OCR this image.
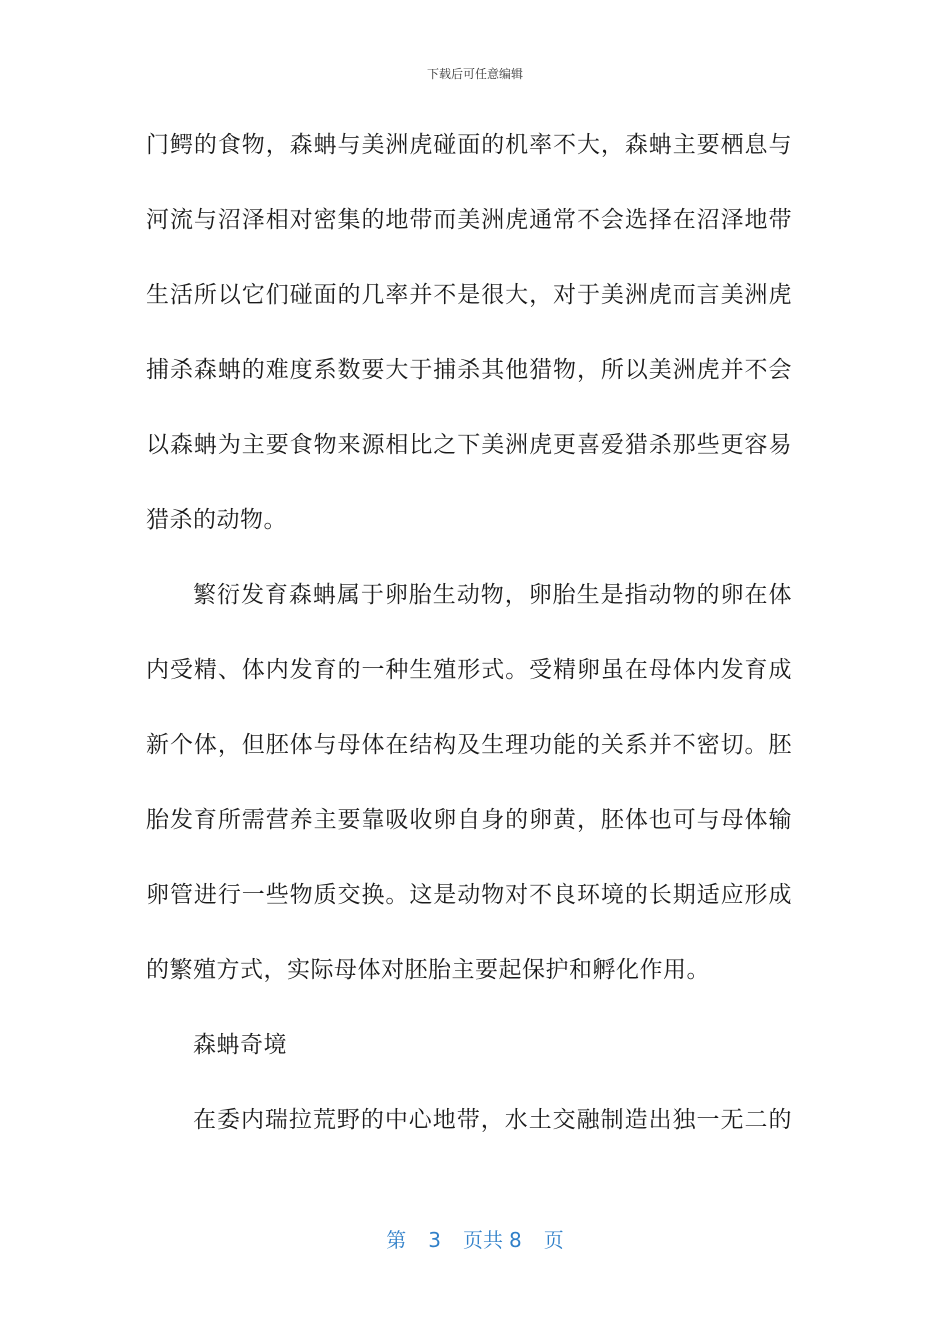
下载后可任意编辑
门鳄的食物，森蚺与美洲虎碰面的机率不大，森蚺主要栖息与
河流与沼泽相对密集的地带而美洲虎通常不会选择在沼泽地带
生活所以它们碰面的几率并不是很大，对于美洲虎而言美洲虎
捕杀森蚺的难度系数要大于捕杀其他猎物，所以美洲虎并不会
以森蚺为主要食物来源相比之下美洲虎更喜爱猎杀那些更容易
猎杀的动物。
繁衍发育森蚺属于卵胎生动物，卵胎生是指动物的卵在体
内受精、体内发育的一种生殖形式。受精卵虽在母体内发育成
新个体，但胚体与母体在结构及生理功能的关系并不密切。胚
胎发育所需营养主要靠吸收卵自身的卵黄，胚体也可与母体输
卵管进行一些物质交换。这是动物对不良环境的长期适应形成
的繁殖方式，实际母体对胚胎主要起保护和孵化作用。
森蚺奇境
在委内瑞拉荒野的中心地带，水土交融制造出独一无二的
第 3 页共 8 页
